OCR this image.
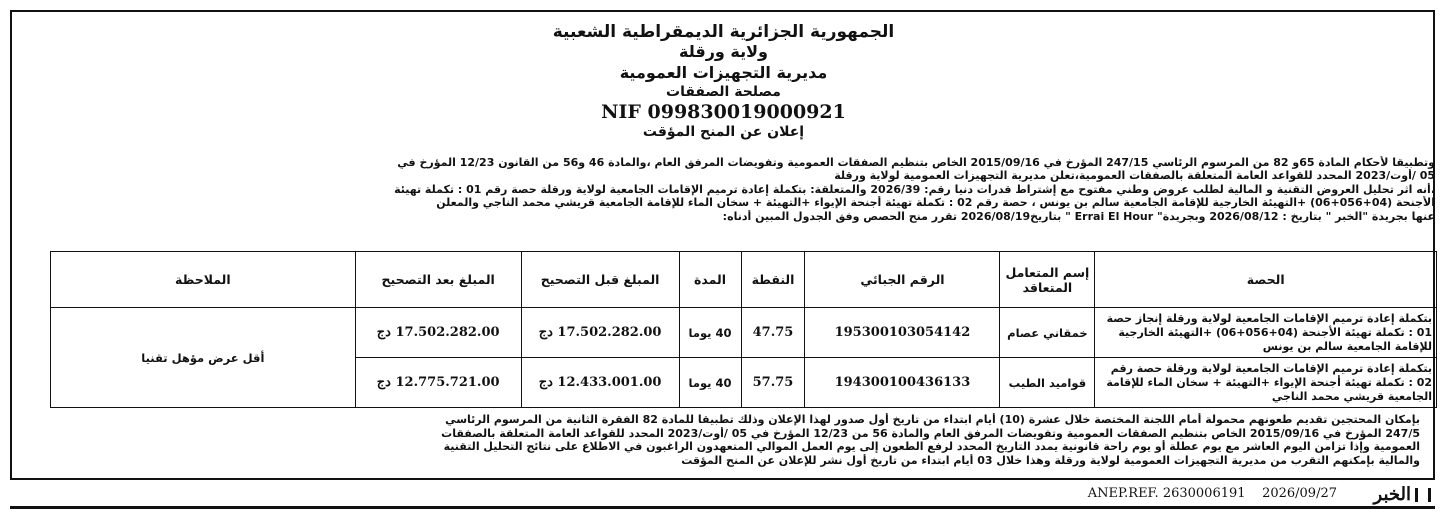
الجمهورية الجزائرية الديمقراطية الشعبية
ولاية ورقلة
مديرية التجهيزات العمومية
مصلحة الصفقات
NIF 099830019000921
إعلان عن المنح المؤقت

وتطبيقا لأحكام المادة 65و 82 من المرسوم الرئاسي 247/15 المؤرخ في 2015/09/16 الخاص بتنظيم الصفقات العمومية وتفويضات المرفق العام ،والمادة 46 و56 من القانون 12/23 المؤرخ في

05 /أوت/2023 المحدد للقواعد العامة المتعلقة بالصفقات العمومية،تعلن مديرية التجهيزات العمومية لولاية ورقلة

،أنه اثر تحليل العروض التقنية و المالية لطلب عروض وطني مفتوح مع إشتراط قدرات دنيا رقم: 2026/39 والمتعلقة: بتكملة إعادة ترميم الإقامات الجامعية لولاية ورقلة حصة رقم 01 : تكملة تهيئة

الأجنحة (04+056+06) +التهيئة الخارجية للإقامة الجامعية سالم بن يونس ، حصة رقم 02 : تكملة تهيئة أجنحة الإيواء +التهيئة + سخان الماء للإقامة الجامعية قريشي محمد الناجي والمعلن

عنها بجريدة "الخبر " بتاريخ : 2026/08/12 وبجريدة" Errai El Hour " بتاريخ2026/08/19 تقرر منح الحصص وفق الجدول المبين أدناه:

الحصة	إسم المتعامل المتعاقد	الرقم الجبائي	النقطة	المدة	المبلغ قبل التصحيح	المبلغ بعد التصحيح	الملاحظة
بتكملة إعادة ترميم الإقامات الجامعية لولاية ورقلة إنجاز حصة 01 : تكملة تهيئة الأجنحة (04+056+06) +التهيئة الخارجية للإقامة الجامعية سالم بن يونس	خمقاني عصام	195300103054142	47.75	40 يوما	17.502.282.00 دج	17.502.282.00 دج	أقل عرض مؤهل تقنيا
بتكملة إعادة ترميم الإقامات الجامعية لولاية ورقلة حصة رقم 02 : تكملة تهيئة أجنحة الإيواء +التهيئة + سخان الماء للإقامة الجامعية قريشي محمد الناجي	قواميد الطيب	194300100436133	57.75	40 يوما	12.433.001.00 دج	12.775.721.00 دج	

بإمكان المحتجين تقديم طعونهم محمولة أمام اللجنة المختصة خلال عشرة (10) أيام ابتداء من تاريخ أول صدور لهذا الإعلان وذلك تطبيقا للمادة 82 الفقرة الثانية من المرسوم الرئاسي

247/5 المؤرخ في 2015/09/16 الخاص بتنظيم الصفقات العمومية وتفويضات المرفق العام والمادة 56 من 12/23 المؤرخ في 05 /أوت/2023 المحدد للقواعد العامة المتعلقة بالصفقات

العمومية وإذا تزامن اليوم العاشر مع يوم عطلة أو يوم راحة قانونية يمدد التاريخ المحدد لرفع الطعون إلى يوم العمل الموالي المتعهدون الراغبون في الاطلاع على نتائج التحليل التقنية

والمالية بإمكنهم التقرب من مديرية التجهيزات العمومية لولاية ورقلة وهذا خلال 03 أيام ابتداء من تاريخ أول نشر للإعلان عن المنح المؤقت

ANEP.REF. 2630006191 2026/09/27 الخبر
